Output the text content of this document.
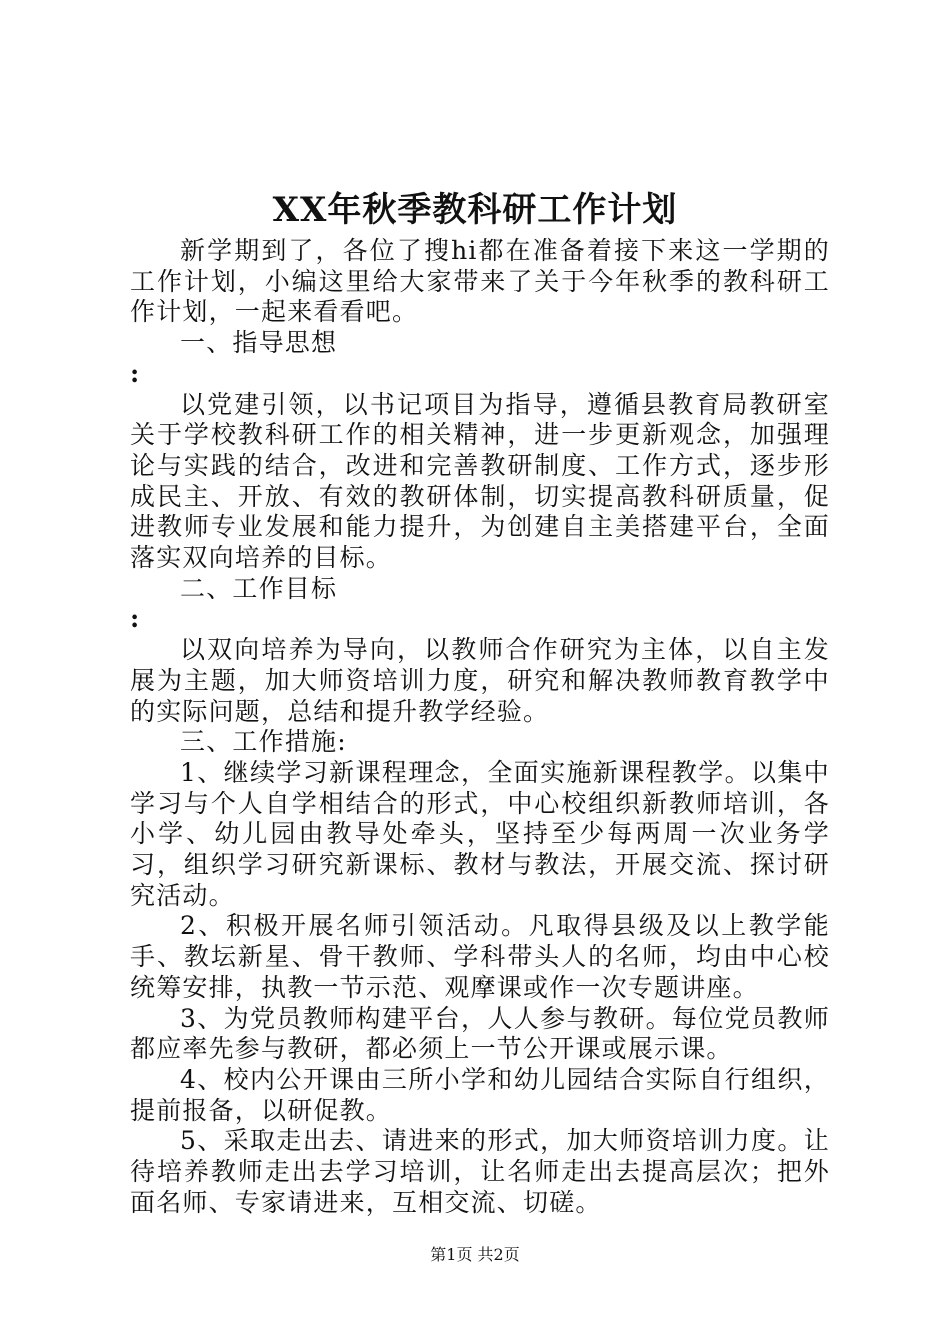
XX年秋季教科研工作计划

新学期到了，各位了搜hi都在准备着接下来这一学期的工作计划，小编这里给大家带来了关于今年秋季的教科研工作计划，一起来看看吧。

一、指导思想

:

以党建引领，以书记项目为指导，遵循县教育局教研室关于学校教科研工作的相关精神，进一步更新观念，加强理论与实践的结合，改进和完善教研制度、工作方式，逐步形成民主、开放、有效的教研体制，切实提高教科研质量，促进教师专业发展和能力提升，为创建自主美搭建平台，全面落实双向培养的目标。

二、工作目标

:

以双向培养为导向，以教师合作研究为主体，以自主发展为主题，加大师资培训力度，研究和解决教师教育教学中的实际问题，总结和提升教学经验。

三、工作措施:

1、继续学习新课程理念，全面实施新课程教学。以集中学习与个人自学相结合的形式，中心校组织新教师培训，各小学、幼儿园由教导处牵头，坚持至少每两周一次业务学习，组织学习研究新课标、教材与教法，开展交流、探讨研究活动。

2、积极开展名师引领活动。凡取得县级及以上教学能手、教坛新星、骨干教师、学科带头人的名师，均由中心校统筹安排，执教一节示范、观摩课或作一次专题讲座。

3、为党员教师构建平台，人人参与教研。每位党员教师都应率先参与教研，都必须上一节公开课或展示课。

4、校内公开课由三所小学和幼儿园结合实际自行组织，提前报备，以研促教。

5、采取走出去、请进来的形式，加大师资培训力度。让待培养教师走出去学习培训，让名师走出去提高层次；把外面名师、专家请进来，互相交流、切磋。

第1页 共2页
